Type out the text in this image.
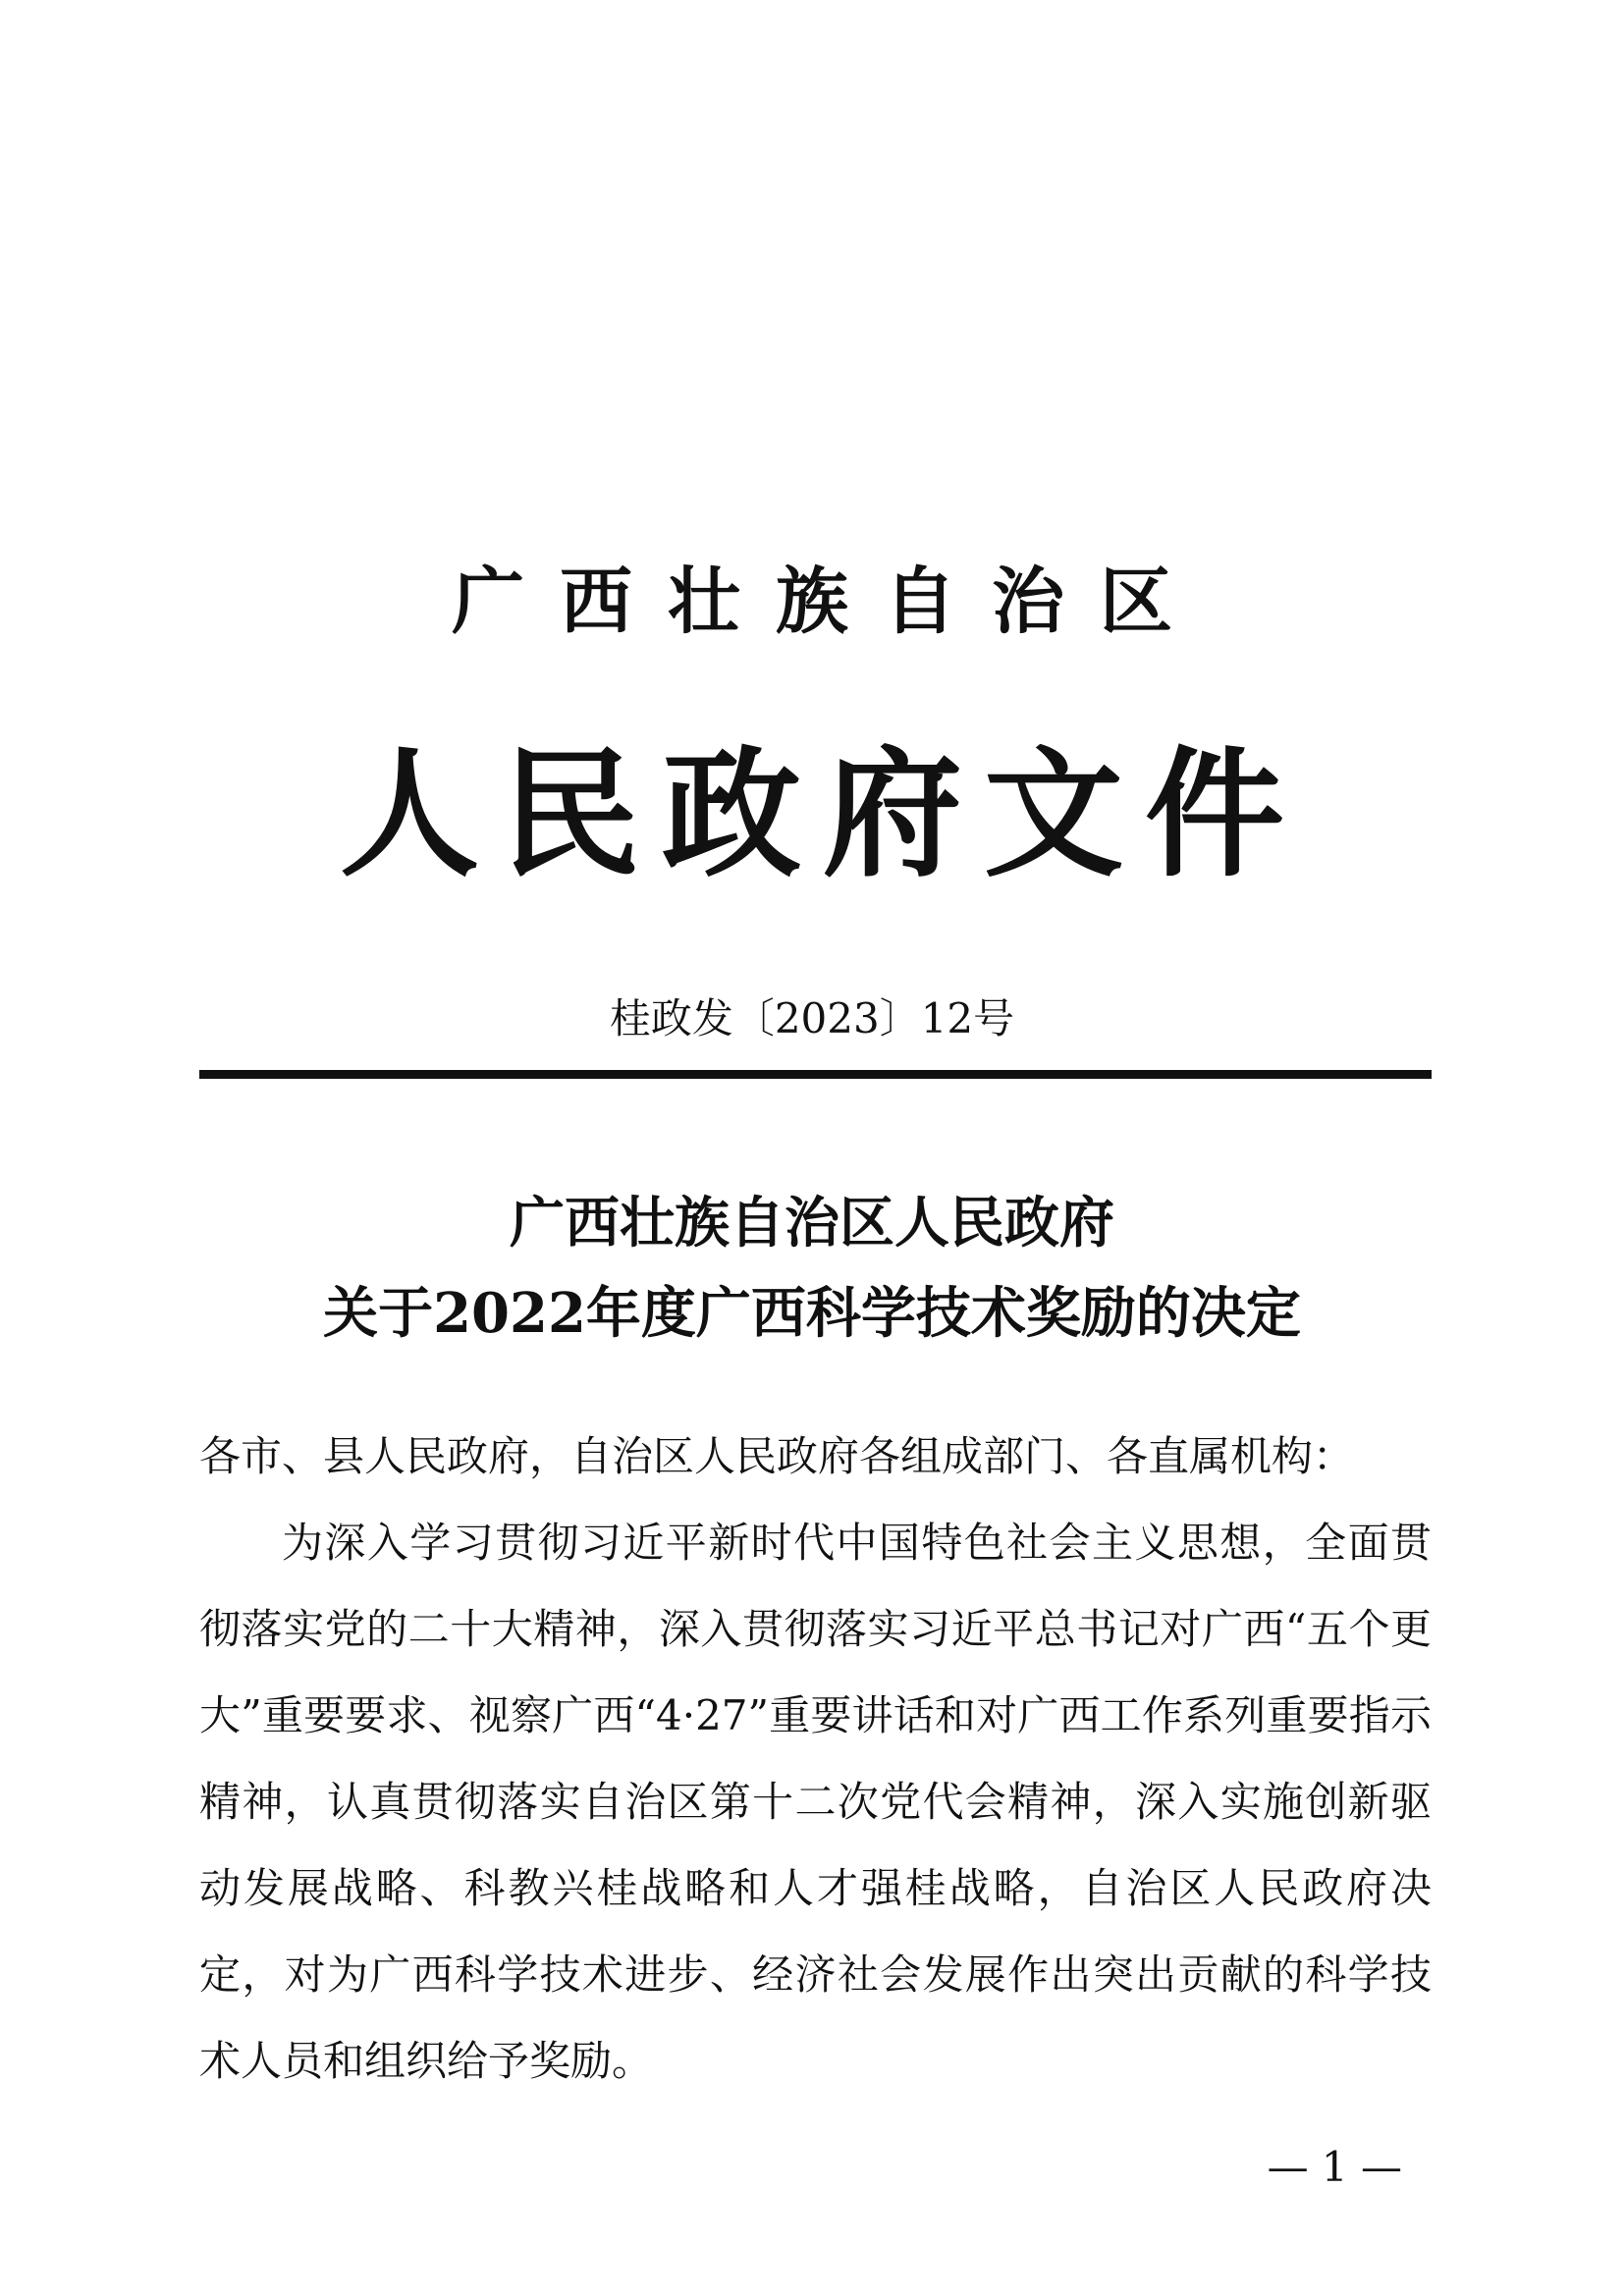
广西壮族自治区
人民政府文件
桂政发〔2023〕12号
广西壮族自治区人民政府
关于2022年度广西科学技术奖励的决定

各市、县人民政府，自治区人民政府各组成部门、各直属机构：

为深入学习贯彻习近平新时代中国特色社会主义思想，全面贯彻落实党的二十大精神，深入贯彻落实习近平总书记对广西“五个更大”重要要求、视察广西“4·27”重要讲话和对广西工作系列重要指示精神，认真贯彻落实自治区第十二次党代会精神，深入实施创新驱动发展战略、科教兴桂战略和人才强桂战略，自治区人民政府决定，对为广西科学技术进步、经济社会发展作出突出贡献的科学技术人员和组织给予奖励。

— 1 —
